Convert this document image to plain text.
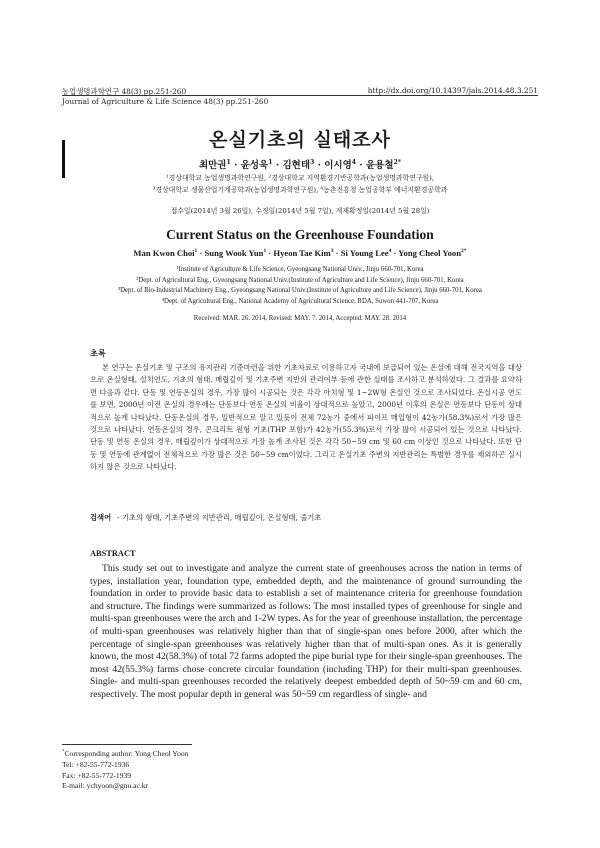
농업생명과학연구 48(3) pp.251-260	http://dx.doi.org/10.14397/jals.2014.48.3.251
Journal of Agriculture & Life Science 48(3) pp.251-260
온실기초의 실태조사
최만권$^1$ · 윤성욱$^1$ · 김현태$^3$ · 이시영$^4$ · 윤용철$^{2*}$
¹경상대학교 농업생명과학연구원, ²경상대학교 지역환경기반공학과(농업생명과학연구원),
³경상대학교 생물산업기계공학과(농업생명과학연구원), ⁴농촌진흥청 농업공학부 에너지환경공학과
접수일(2014년 3월 26일), 수정일(2014년 5월 7일), 게재확정일(2014년 5월 28일)
Current Status on the Greenhouse Foundation
Man Kwon Choi$^1$ · Sung Wook Yun$^1$ · Hyeon Tae Kim$^3$ · Si Young Lee$^4$ · Yong Cheol Yoon$^{2*}$
¹Institute of Agriculture & Life Science, Gyeongsang National Univ., Jinju 660-701, Korea
²Dept. of Agricultural Eng., Gyeongsang National Univ.(Institute of Agriculture and Life Science), Jinju 660-701, Korea
³Dept. of Bio-Industrial Machinery Eng., Gyeongsang National Univ.(Institute of Agriculture and Life Science), Jinju 660-701, Korea
⁴Dept. of Agricultural Eng., National Academy of Agricultural Science, RDA, Suwon 441-707, Korea
Received: MAR. 26. 2014, Revised: MAY. 7. 2014, Accepted: MAY. 28. 2014
초록
본 연구는 온실기초 및 구조의 유지관리 기준마련을 위한 기초자료로 이용하고자 국내에 보급되어 있는 온실에 대해 전국지역을 대상으로 온실형태, 설치연도, 기초의 형태, 매립깊이 및 기초주변 지반의 관리여부 등에 관한 실태를 조사하고 분석하였다. 그 결과를 요약하면 다음과 같다. 단동 및 연동온실의 경우, 가장 많이 시공되는 것은 각각 아치형 및 1~2W형 온실인 것으로 조사되었다. 온실시공 연도를 보면, 2000년 이전 온실의 경우에는 단동보다 연동 온실의 비율이 상대적으로 높았고, 2000년 이후의 온실은 연동보다 단동이 상대적으로 높게 나타났다. 단동온실의 경우, 일반적으로 알고 있듯이 전체 72농가 중에서 파이프 매입형이 42농가(58.3%)로서 가장 많은 것으로 나타났다. 연동온실의 경우, 콘크리트 원형 기초(THP 포함)가 42농가(55.3%)로서 가장 많이 시공되어 있는 것으로 나타났다. 단동 및 연동 온실의 경우, 매립깊이가 상대적으로 가장 높게 조사된 것은 각각 50~59 cm 및 60 cm 이상인 것으로 나타났다. 또한 단동 및 연동에 관계없이 전체적으로 가장 많은 것은 50~59 cm이었다. 그리고 온실기초 주변의 지반관리는 특별한 경우를 제외하곤 실시하지 않은 것으로 나타났다.
검색어 - 기초의 형태, 기초주변의 지반관리, 매립깊이, 온실형태, 줄기초
ABSTRACT
This study set out to investigate and analyze the current state of greenhouses across the nation in terms of types, installation year, foundation type, embedded depth, and the maintenance of ground surrounding the foundation in order to provide basic data to establish a set of maintenance criteria for greenhouse foundation and structure. The findings were summarized as follows: The most installed types of greenhouse for single and multi-span greenhouses were the arch and 1-2W types. As for the year of greenhouse installation, the percentage of multi-span greenhouses was relatively higher than that of single-span ones before 2000, after which the percentage of single-span greenhouses was relatively higher than that of multi-span ones. As it is generally known, the most 42(58.3%) of total 72 farms adopted the pipe burial type for their single-span greenhouses. The most 42(55.3%) farms chose concrete circular foundation (including THP) for their multi-span greenhouses. Single- and multi-span greenhouses recorded the relatively deepest embedded depth of 50~59 cm and 60 cm, respectively. The most popular depth in general was 50~59 cm regardless of single- and
*Corresponding author: Yong Cheol Yoon
Tel: +82-55-772-1936
Fax: +82-55-772-1939
E-mail: ychyoon@gnu.ac.kr
